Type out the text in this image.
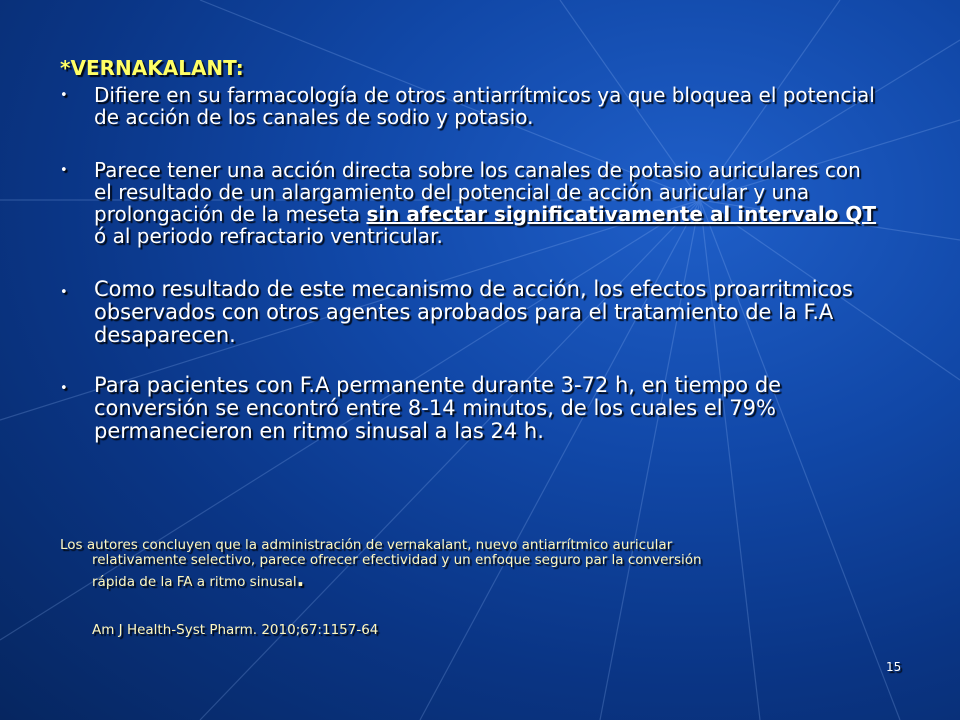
*VERNAKALANT:
• Difiere en su farmacología de otros antiarrítmicos ya que bloquea el potencial de acción de los canales de sodio y potasio.
• Parece tener una acción directa sobre los canales de potasio auriculares con el resultado de un alargamiento del potencial de acción auricular y una prolongación de la meseta sin afectar significativamente al intervalo QT ó al periodo refractario ventricular.
• Como resultado de este mecanismo de acción, los efectos proarritmicos observados con otros agentes aprobados para el tratamiento de la F.A desaparecen.
• Para pacientes con F.A permanente durante 3-72 h, en tiempo de conversión se encontró entre 8-14 minutos, de los cuales el 79% permanecieron en ritmo sinusal a las 24 h.
Los autores concluyen que la administración de vernakalant, nuevo antiarrítmico auricular
relativamente selectivo, parece ofrecer efectividad y un enfoque seguro par la conversión
rápida de la FA a ritmo sinusal.
Am J Health-Syst Pharm. 2010;67:1157-64
15
